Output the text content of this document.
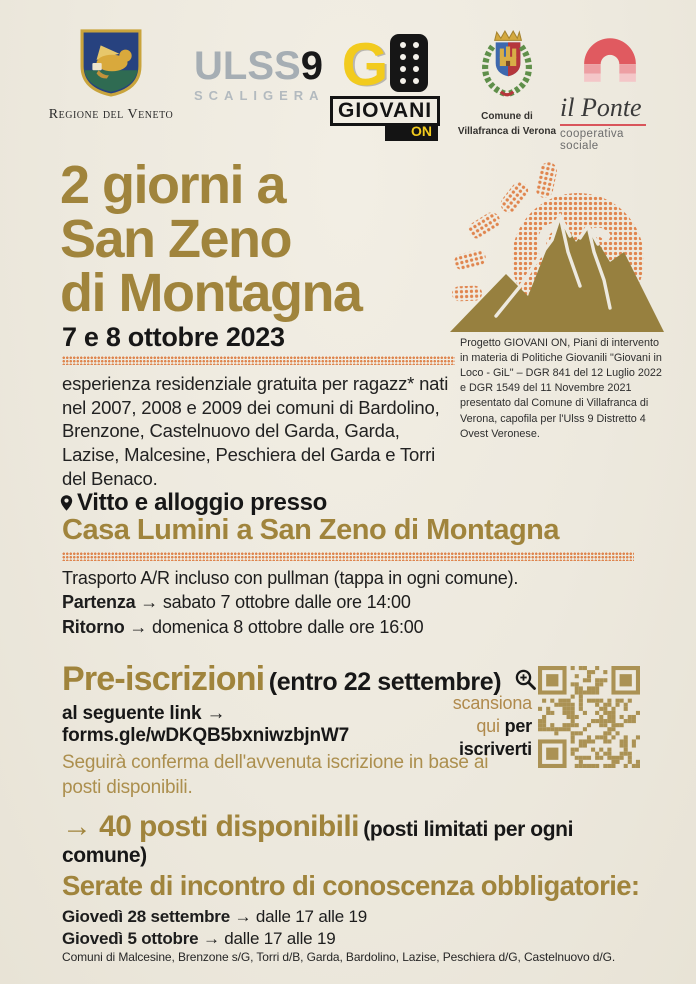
Regione del Veneto
ULSS9
SCALIGERA G
GIOVANI
ON
Comune di
Villafranca di Verona
il Ponte
cooperativa sociale
2 giorni a
San Zeno
di Montagna
7 e 8 ottobre 2023
esperienza residenziale gratuita per ragazz* nati nel 2007, 2008 e 2009 dei comuni di Bardolino, Brenzone, Castelnuovo del Garda, Garda, Lazise, Malcesine, Peschiera del Garda e Torri del Benaco.
Progetto GIOVANI ON, Piani di intervento in materia di Politiche Giovanili "Giovani in Loco - GiL" – DGR 841 del 12 Luglio 2022 e DGR 1549 del 11 Novembre 2021 presentato dal Comune di Villafranca di Verona, capofila per l'Ulss 9 Distretto 4 Ovest Veronese.
Vitto e alloggio presso
Casa Lumini a San Zeno di Montagna
Trasporto A/R incluso con pullman (tappa in ogni comune).
Partenza → sabato 7 ottobre dalle ore 14:00
Ritorno → domenica 8 ottobre dalle ore 16:00
Pre-iscrizioni (entro 22 settembre)
al seguente link →  forms.gle/wDKQB5bxniwzbjnW7
Seguirà conferma dell'avvenuta iscrizione in base ai posti disponibili.
scansiona
qui per
iscriverti
→ 40 posti disponibili (posti limitati per ogni comune)
Serate di incontro di conoscenza obbligatorie:
Giovedì 28 settembre → dalle 17 alle 19
Giovedì 5 ottobre → dalle 17 alle 19
Comuni di Malcesine, Brenzone s/G, Torri d/B, Garda, Bardolino, Lazise, Peschiera d/G, Castelnuovo d/G.
